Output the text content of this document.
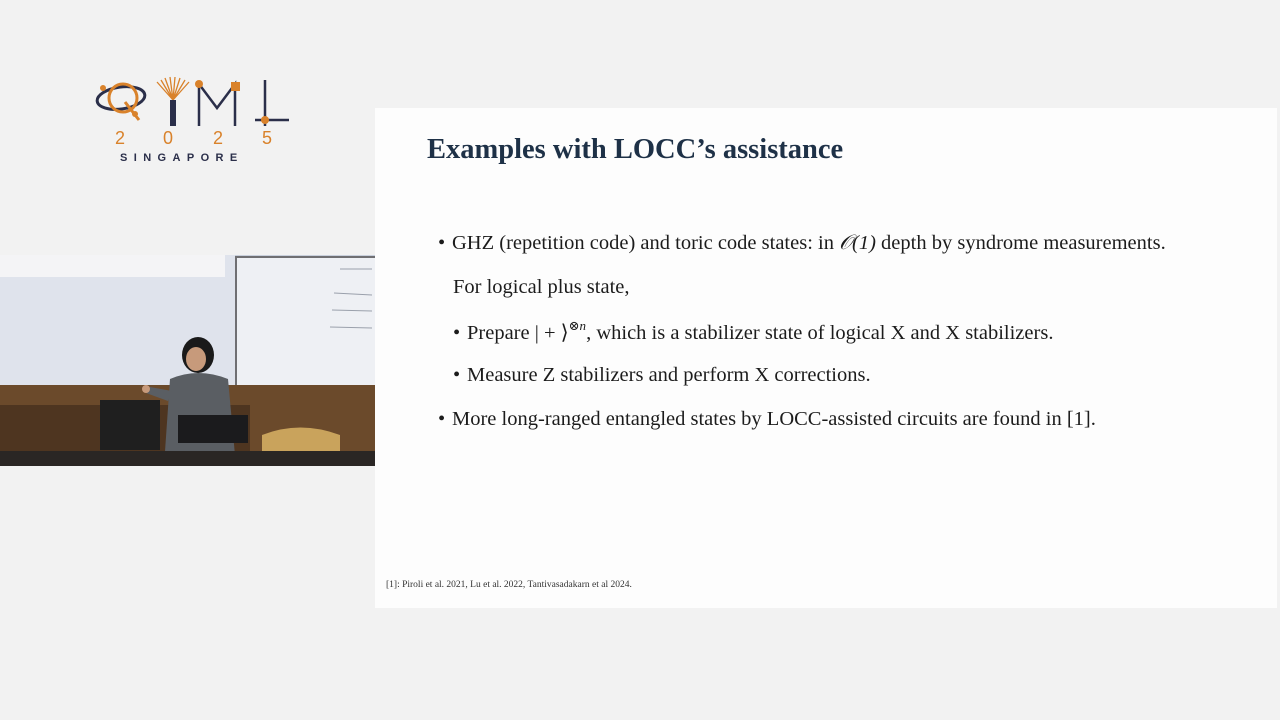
2 0 2 5
SINGAPORE	Examples with LOCC’s assistance
• GHZ (repetition code) and toric code states: in 𝒪(1) depth by syndrome measurements.
For logical plus state,
• Prepare | + ⟩$^{\otimes n}$, which is a stabilizer state of logical X and X stabilizers.
• Measure Z stabilizers and perform X corrections.
• More long-ranged entangled states by LOCC-assisted circuits are found in [1].
[1]: Piroli et al. 2021, Lu et al. 2022, Tantivasadakarn et al 2024.
